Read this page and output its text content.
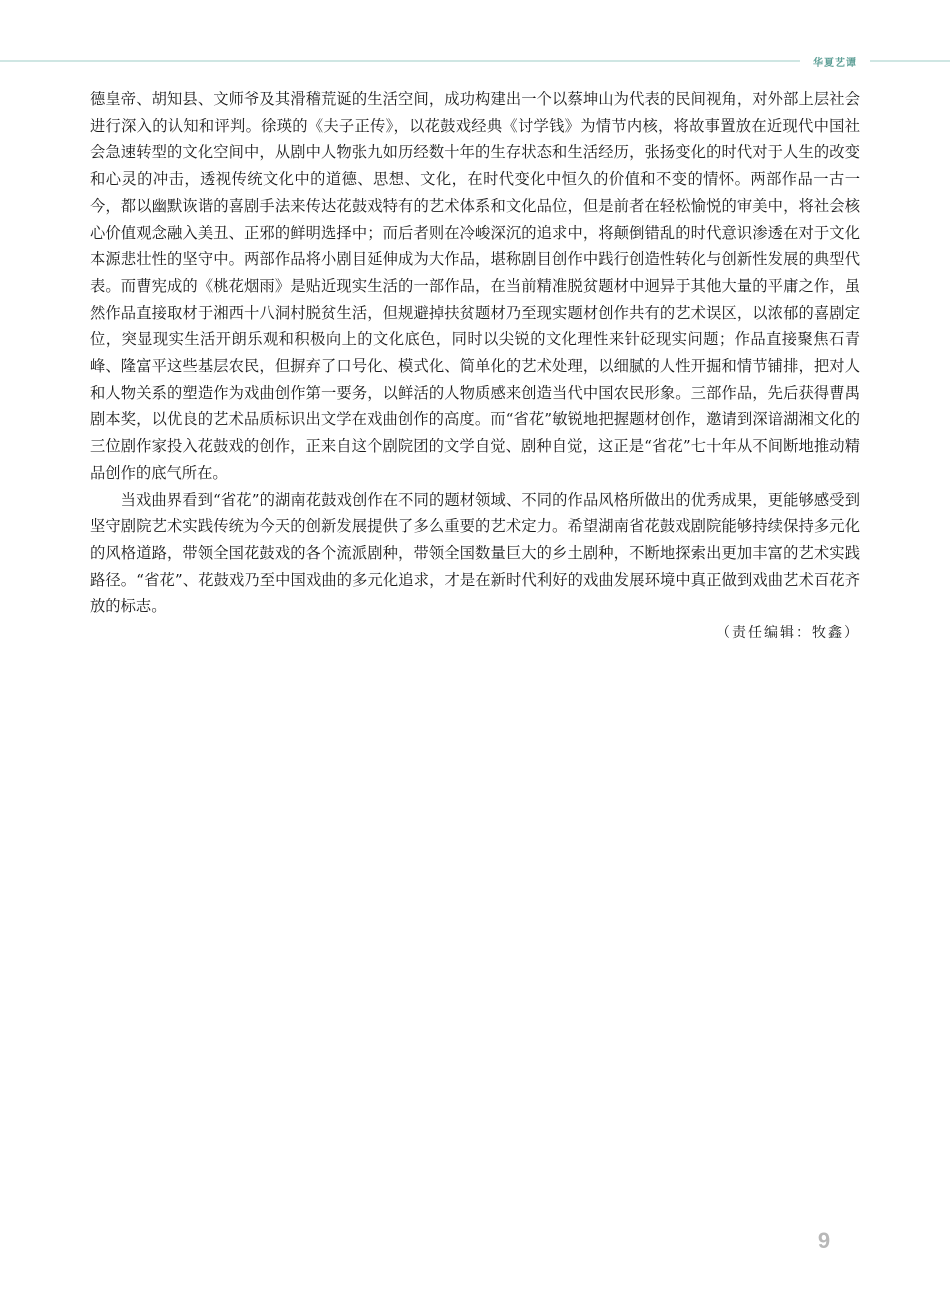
华夏艺谭

德皇帝、胡知县、文师爷及其滑稽荒诞的生活空间，成功构建出一个以蔡坤山为代表的民间视角，对外部上层社会进行深入的认知和评判。徐瑛的《夫子正传》，以花鼓戏经典《讨学钱》为情节内核，将故事置放在近现代中国社会急速转型的文化空间中，从剧中人物张九如历经数十年的生存状态和生活经历，张扬变化的时代对于人生的改变和心灵的冲击，透视传统文化中的道德、思想、文化，在时代变化中恒久的价值和不变的情怀。两部作品一古一今，都以幽默诙谐的喜剧手法来传达花鼓戏特有的艺术体系和文化品位，但是前者在轻松愉悦的审美中，将社会核心价值观念融入美丑、正邪的鲜明选择中；而后者则在冷峻深沉的追求中，将颠倒错乱的时代意识渗透在对于文化本源悲壮性的坚守中。两部作品将小剧目延伸成为大作品，堪称剧目创作中践行创造性转化与创新性发展的典型代表。而曹宪成的《桃花烟雨》是贴近现实生活的一部作品，在当前精准脱贫题材中迥异于其他大量的平庸之作，虽然作品直接取材于湘西十八洞村脱贫生活，但规避掉扶贫题材乃至现实题材创作共有的艺术误区，以浓郁的喜剧定位，突显现实生活开朗乐观和积极向上的文化底色，同时以尖锐的文化理性来针砭现实问题；作品直接聚焦石青峰、隆富平这些基层农民，但摒弃了口号化、模式化、简单化的艺术处理，以细腻的人性开掘和情节铺排，把对人和人物关系的塑造作为戏曲创作第一要务，以鲜活的人物质感来创造当代中国农民形象。三部作品，先后获得曹禺剧本奖，以优良的艺术品质标识出文学在戏曲创作的高度。而“省花”敏锐地把握题材创作，邀请到深谙湖湘文化的三位剧作家投入花鼓戏的创作，正来自这个剧院团的文学自觉、剧种自觉，这正是“省花”七十年从不间断地推动精品创作的底气所在。

当戏曲界看到“省花”的湖南花鼓戏创作在不同的题材领域、不同的作品风格所做出的优秀成果，更能够感受到坚守剧院艺术实践传统为今天的创新发展提供了多么重要的艺术定力。希望湖南省花鼓戏剧院能够持续保持多元化的风格道路，带领全国花鼓戏的各个流派剧种，带领全国数量巨大的乡土剧种，不断地探索出更加丰富的艺术实践路径。“省花”、花鼓戏乃至中国戏曲的多元化追求，才是在新时代利好的戏曲发展环境中真正做到戏曲艺术百花齐放的标志。

（责任编辑：牧鑫）

9
